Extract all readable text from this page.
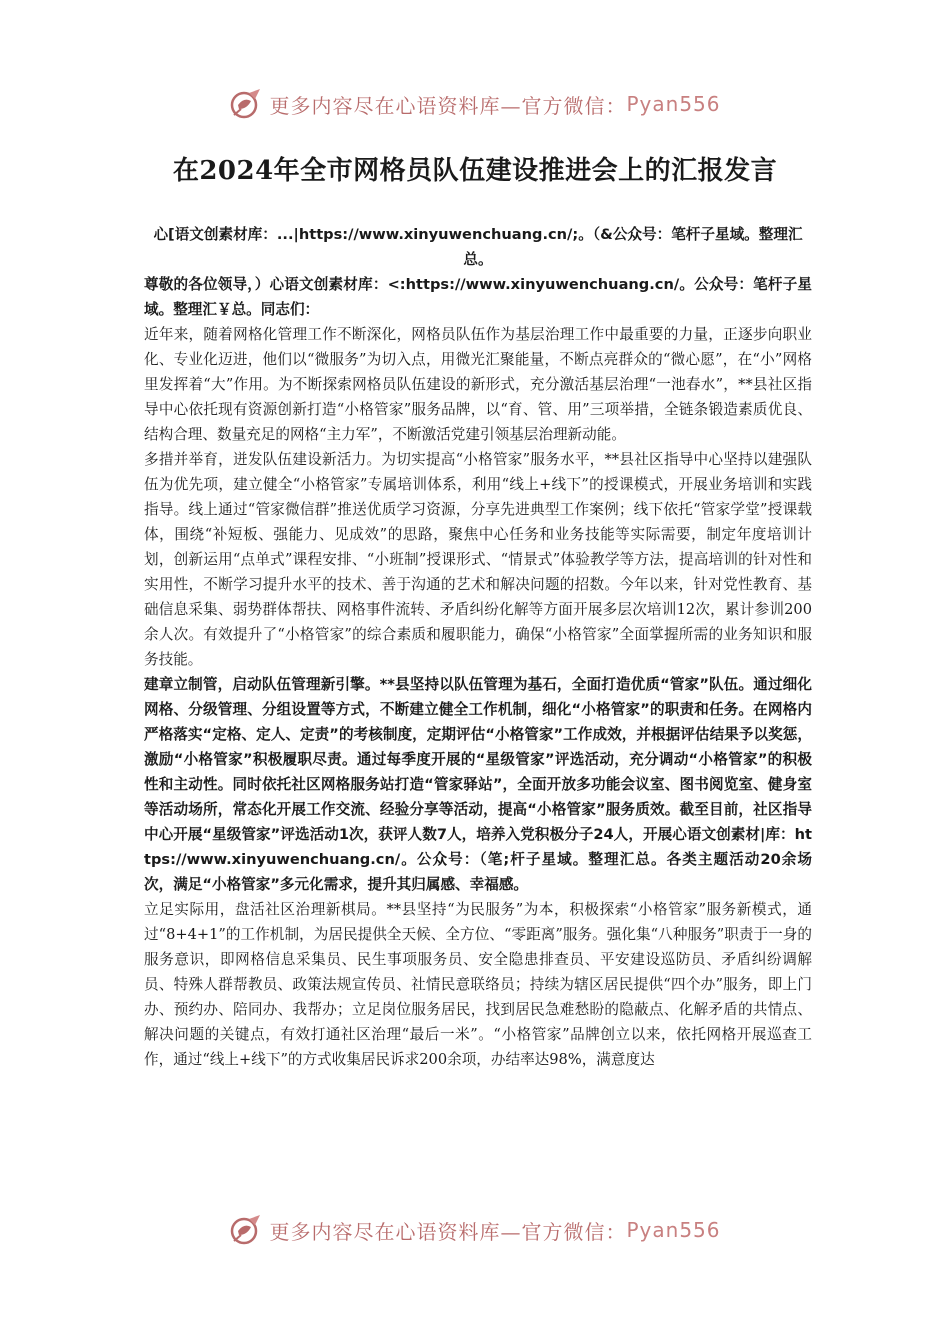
更多内容尽在心语资料库—官方微信： Pyan556
在2024年全市网格员队伍建设推进会上的汇报发言

心[语文创素材库：...|https://www.xinyuwenchuang.cn/;。（&公众号：笔杆子星域。整理汇总。

尊敬的各位领导，）心语文创素材库：<:https://www.xinyuwenchuang.cn/。公众号：笔杆子星域。整理汇￥总。同志们：

近年来，随着网格化管理工作不断深化，网格员队伍作为基层治理工作中最重要的力量，正逐步向职业化、专业化迈进，他们以“微服务”为切入点，用微光汇聚能量，不断点亮群众的“微心愿”，在“小”网格里发挥着“大”作用。为不断探索网格员队伍建设的新形式，充分激活基层治理“一池春水”，**县社区指导中心依托现有资源创新打造“小格管家”服务品牌，以“育、管、用”三项举措，全链条锻造素质优良、结构合理、数量充足的网格“主力军”，不断激活党建引领基层治理新动能。

多措并举育，迸发队伍建设新活力。为切实提高“小格管家”服务水平，**县社区指导中心坚持以建强队伍为优先项，建立健全“小格管家”专属培训体系，利用“线上+线下”的授课模式，开展业务培训和实践指导。线上通过“管家微信群”推送优质学习资源，分享先进典型工作案例；线下依托“管家学堂”授课载体，围绕“补短板、强能力、见成效”的思路，聚焦中心任务和业务技能等实际需要，制定年度培训计划，创新运用“点单式”课程安排、“小班制”授课形式、“情景式”体验教学等方法，提高培训的针对性和实用性，不断学习提升水平的技术、善于沟通的艺术和解决问题的招数。今年以来，针对党性教育、基础信息采集、弱势群体帮扶、网格事件流转、矛盾纠纷化解等方面开展多层次培训12次，累计参训200余人次。有效提升了“小格管家”的综合素质和履职能力，确保“小格管家”全面掌握所需的业务知识和服务技能。

建章立制管，启动队伍管理新引擎。**县坚持以队伍管理为基石，全面打造优质“管家”队伍。通过细化网格、分级管理、分组设置等方式，不断建立健全工作机制，细化“小格管家”的职责和任务。在网格内严格落实“定格、定人、定责”的考核制度，定期评估“小格管家”工作成效，并根据评估结果予以奖惩，激励“小格管家”积极履职尽责。通过每季度开展的“星级管家”评选活动，充分调动“小格管家”的积极性和主动性。同时依托社区网格服务站打造“管家驿站”，全面开放多功能会议室、图书阅览室、健身室等活动场所，常态化开展工作交流、经验分享等活动，提高“小格管家”服务质效。截至目前，社区指导中心开展“星级管家”评选活动1次，获评人数7人，培养入党积极分子24人，开展心语文创素材|库：https://www.xinyuwenchuang.cn/。公众号：（笔;杆子星域。整理汇总。各类主题活动20余场次，满足“小格管家”多元化需求，提升其归属感、幸福感。

立足实际用，盘活社区治理新棋局。**县坚持“为民服务”为本，积极探索“小格管家”服务新模式，通过“8+4+1”的工作机制，为居民提供全天候、全方位、“零距离”服务。强化集“八种服务”职责于一身的服务意识，即网格信息采集员、民生事项服务员、安全隐患排查员、平安建设巡防员、矛盾纠纷调解员、特殊人群帮教员、政策法规宣传员、社情民意联络员；持续为辖区居民提供“四个办”服务，即上门办、预约办、陪同办、我帮办；立足岗位服务居民，找到居民急难愁盼的隐蔽点、化解矛盾的共情点、解决问题的关键点，有效打通社区治理“最后一米”。“小格管家”品牌创立以来，依托网格开展巡查工作，通过“线上+线下”的方式收集居民诉求200余项，办结率达98%，满意度达

更多内容尽在心语资料库—官方微信： Pyan556
